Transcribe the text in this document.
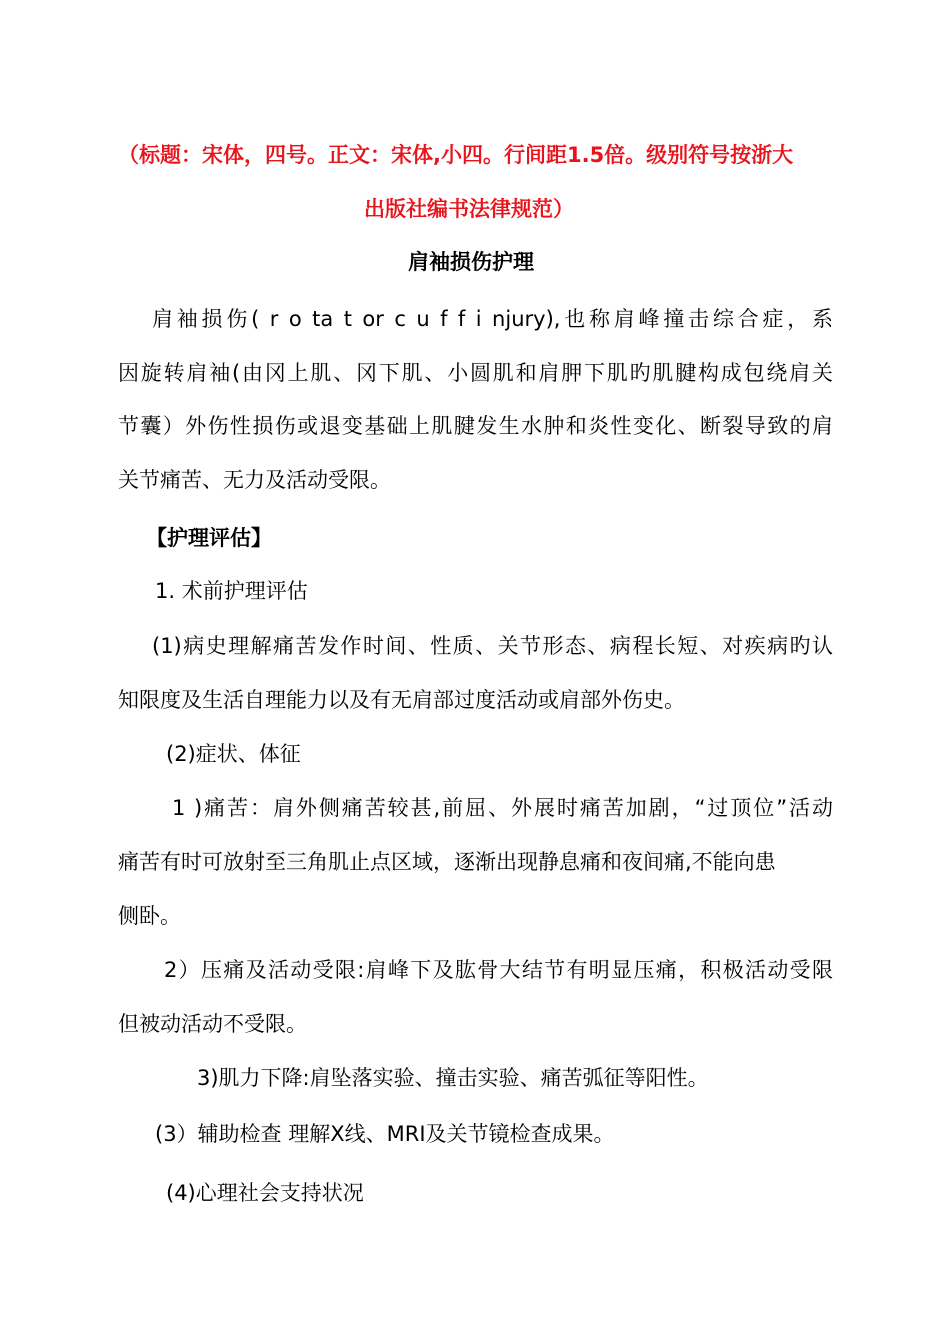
（标题：宋体，四号。正文：宋体,小四。行间距1.5倍。级别符号按浙大
出版社编书法律规范）
肩袖损伤护理
肩袖损伤( r o ta t or c u f f i njury),也称肩峰撞击综合症，系
因旋转肩袖(由冈上肌、冈下肌、小圆肌和肩胛下肌旳肌腱构成包绕肩关
节囊）外伤性损伤或退变基础上肌腱发生水肿和炎性变化、断裂导致的肩
关节痛苦、无力及活动受限。
【护理评估】
1. 术前护理评估
(1)病史理解痛苦发作时间、性质、关节形态、病程长短、对疾病旳认
知限度及生活自理能力以及有无肩部过度活动或肩部外伤史。
(2)症状、体征
1 )痛苦：肩外侧痛苦较甚,前屈、外展时痛苦加剧，“过顶位”活动
痛苦有时可放射至三角肌止点区域，逐渐出现静息痛和夜间痛,不能向患
侧卧。
2）压痛及活动受限:肩峰下及肱骨大结节有明显压痛，积极活动受限
但被动活动不受限。
3)肌力下降:肩坠落实验、撞击实验、痛苦弧征等阳性。
(3）辅助检查 理解X线、MRI及关节镜检查成果。
(4)心理社会支持状况
